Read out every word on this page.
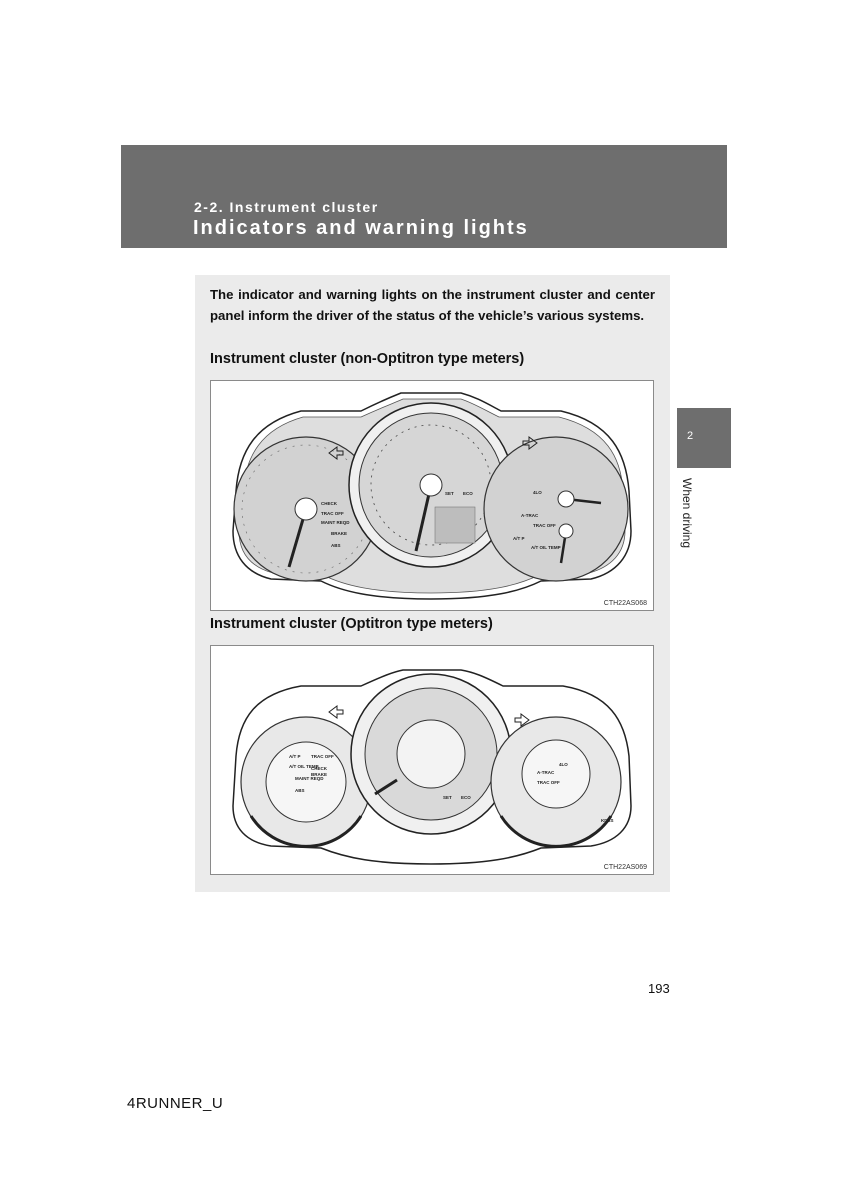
2-2. Instrument cluster
Indicators and warning lights
2
When driving

The indicator and warning lights on the instrument cluster and center panel inform the driver of the status of the vehicle’s various systems.

Instrument cluster (non-Optitron type meters)
CHECK
TRAC OFF
MAINT REQD
BRAKE
ABS
SET ECO	4LO
A-TRAC
TRAC OFF
A/T P
A/T OIL TEMP
CTH22AS068
Instrument cluster (Optitron type meters)
A/T P
A/T OIL TEMP
TRAC OFF
CHECK
MAINT REQD
BRAKE
ABS
SET ECO
4LO
A-TRAC
TRAC OFF
KDSS
CTH22AS069
193
4RUNNER_U
